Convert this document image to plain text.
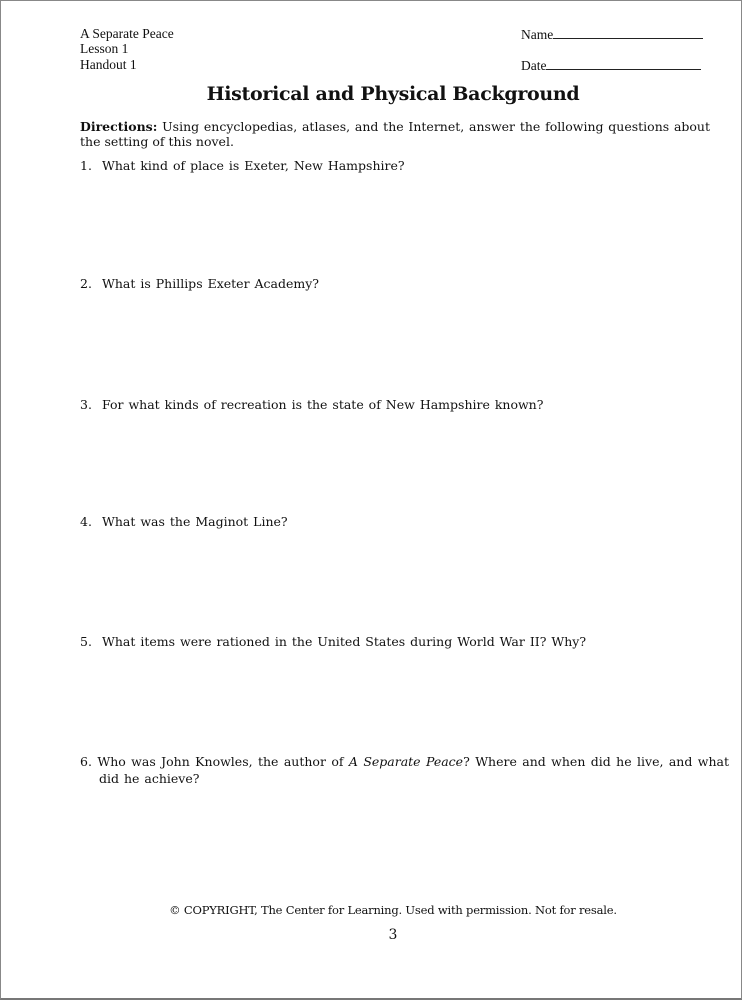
A Separate Peace
Lesson 1
Handout 1
Name
Date
Historical and Physical Background
Directions: Using encyclopedias, atlases, and the Internet, answer the following questions about the setting of this novel.
1. What kind of place is Exeter, New Hampshire?
2. What is Phillips Exeter Academy?
3. For what kinds of recreation is the state of New Hampshire known?
4. What was the Maginot Line?
5. What items were rationed in the United States during World War II? Why?
6. Who was John Knowles, the author of A Separate Peace? Where and when did he live, and what did he achieve?
© COPYRIGHT, The Center for Learning. Used with permission. Not for resale.
3
